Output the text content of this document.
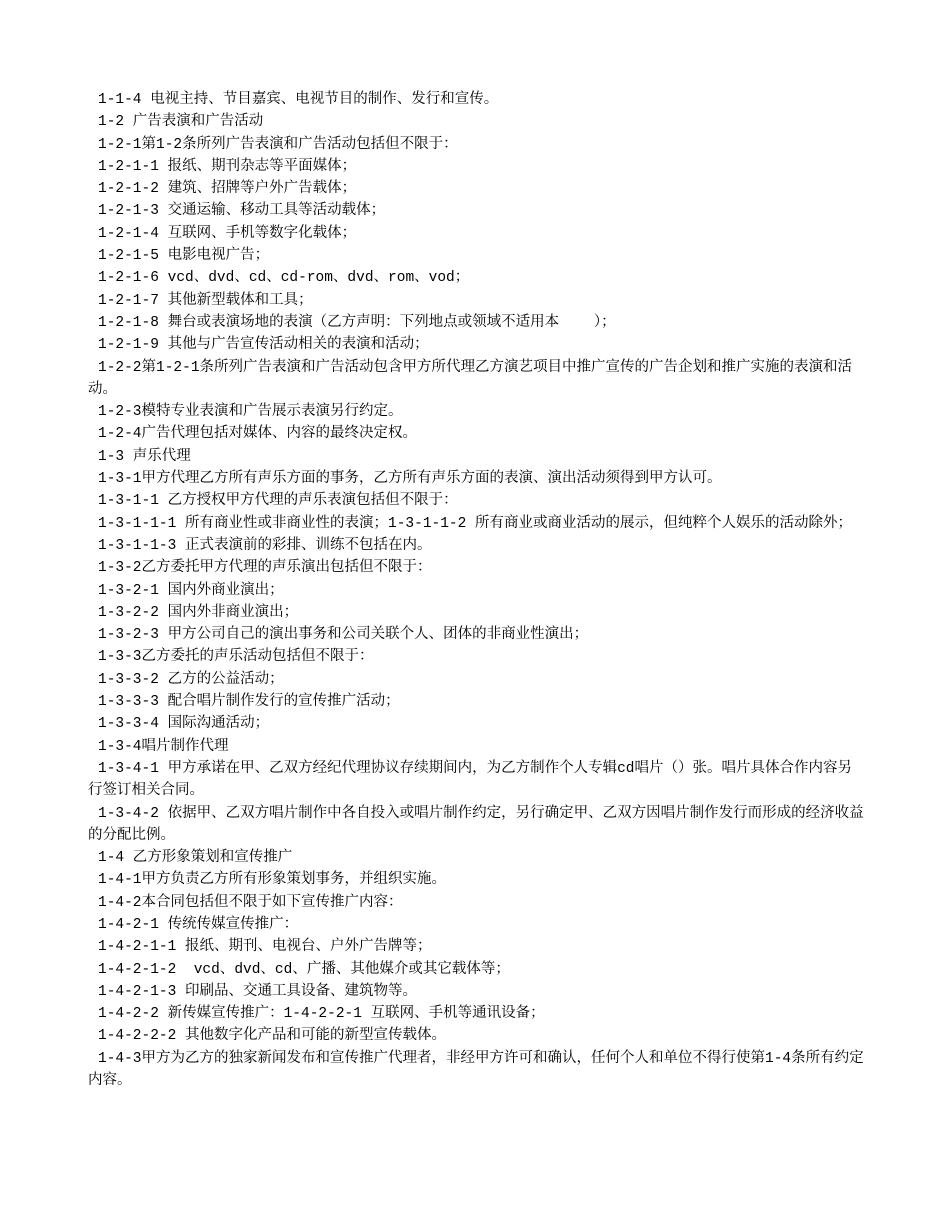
1-1-4 电视主持、节目嘉宾、电视节目的制作、发行和宣传。

1-2 广告表演和广告活动

1-2-1第1-2条所列广告表演和广告活动包括但不限于：

1-2-1-1 报纸、期刊杂志等平面媒体；

1-2-1-2 建筑、招牌等户外广告载体；

1-2-1-3 交通运输、移动工具等活动载体；

1-2-1-4 互联网、手机等数字化载体；

1-2-1-5 电影电视广告；

1-2-1-6 vcd、dvd、cd、cd-rom、dvd、rom、vod；

1-2-1-7 其他新型载体和工具；

1-2-1-8 舞台或表演场地的表演（乙方声明：下列地点或领域不适用本    ）；

1-2-1-9 其他与广告宣传活动相关的表演和活动；

1-2-2第1-2-1条所列广告表演和广告活动包含甲方所代理乙方演艺项目中推广宣传的广告企划和推广实施的表演和活动。

1-2-3模特专业表演和广告展示表演另行约定。

1-2-4广告代理包括对媒体、内容的最终决定权。

1-3 声乐代理

1-3-1甲方代理乙方所有声乐方面的事务，乙方所有声乐方面的表演、演出活动须得到甲方认可。

1-3-1-1 乙方授权甲方代理的声乐表演包括但不限于：

1-3-1-1-1 所有商业性或非商业性的表演；1-3-1-1-2 所有商业或商业活动的展示，但纯粹个人娱乐的活动除外；

1-3-1-1-3 正式表演前的彩排、训练不包括在内。

1-3-2乙方委托甲方代理的声乐演出包括但不限于：

1-3-2-1 国内外商业演出；

1-3-2-2 国内外非商业演出；

1-3-2-3 甲方公司自己的演出事务和公司关联个人、团体的非商业性演出；

1-3-3乙方委托的声乐活动包括但不限于：

1-3-3-2 乙方的公益活动；

1-3-3-3 配合唱片制作发行的宣传推广活动；

1-3-3-4 国际沟通活动；

1-3-4唱片制作代理

1-3-4-1 甲方承诺在甲、乙双方经纪代理协议存续期间内，为乙方制作个人专辑cd唱片（）张。唱片具体合作内容另行签订相关合同。

1-3-4-2 依据甲、乙双方唱片制作中各自投入或唱片制作约定，另行确定甲、乙双方因唱片制作发行而形成的经济收益的分配比例。

1-4 乙方形象策划和宣传推广

1-4-1甲方负责乙方所有形象策划事务，并组织实施。

1-4-2本合同包括但不限于如下宣传推广内容：

1-4-2-1 传统传媒宣传推广：

1-4-2-1-1 报纸、期刊、电视台、户外广告牌等；

1-4-2-1-2  vcd、dvd、cd、广播、其他媒介或其它载体等；

1-4-2-1-3 印刷品、交通工具设备、建筑物等。

1-4-2-2 新传媒宣传推广：1-4-2-2-1 互联网、手机等通讯设备；

1-4-2-2-2 其他数字化产品和可能的新型宣传载体。

1-4-3甲方为乙方的独家新闻发布和宣传推广代理者，非经甲方许可和确认，任何个人和单位不得行使第1-4条所有约定内容。
